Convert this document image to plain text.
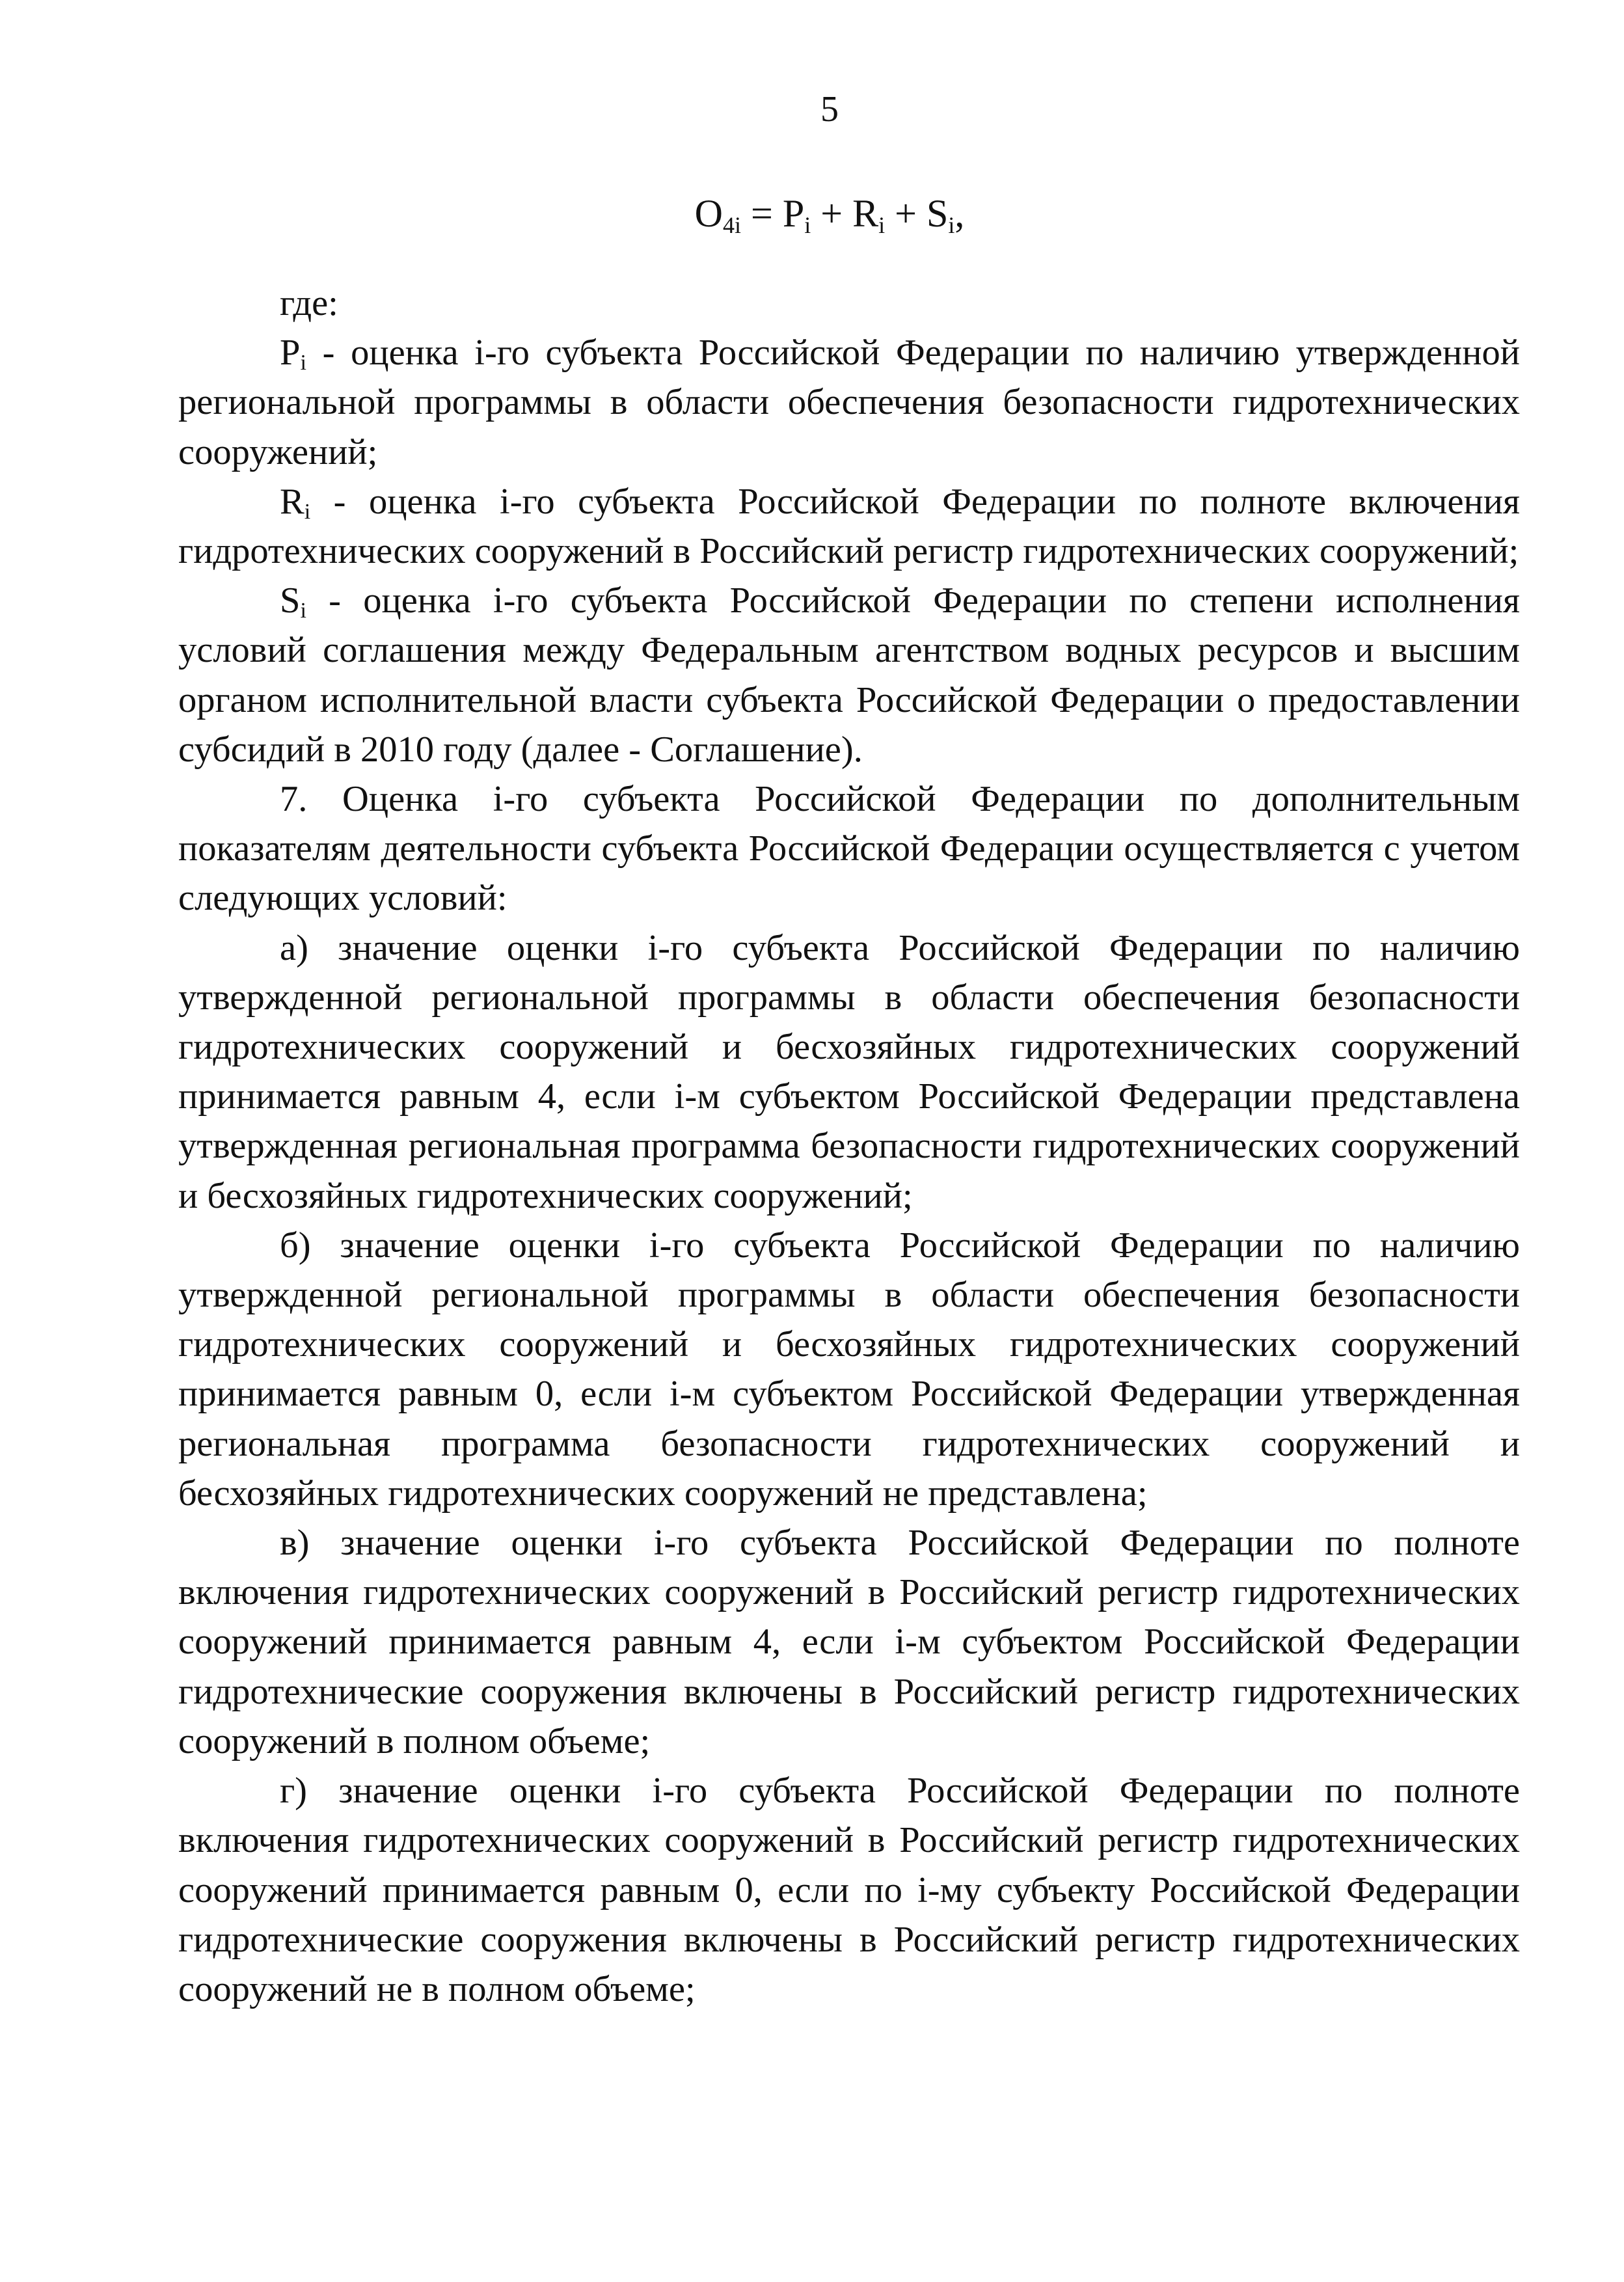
5
$O_{4i} = P_i + R_i + S_i$,

где:

$P_i$ - оценка i-го субъекта Российской Федерации по наличию утвержденной региональной программы в области обеспечения безопасности гидротехнических сооружений;

$R_i$ - оценка i-го субъекта Российской Федерации по полноте включения гидротехнических сооружений в Российский регистр гидротехнических сооружений;

$S_i$ - оценка i-го субъекта Российской Федерации по степени исполнения условий соглашения между Федеральным агентством водных ресурсов и высшим органом исполнительной власти субъекта Российской Федерации о предоставлении субсидий в 2010 году (далее - Соглашение).

7. Оценка i-го субъекта Российской Федерации по дополнительным показателям деятельности субъекта Российской Федерации осуществляется с учетом следующих условий:

а) значение оценки i-го субъекта Российской Федерации по наличию утвержденной региональной программы в области обеспечения безопасности гидротехнических сооружений и бесхозяйных гидротехнических сооружений принимается равным 4, если i-м субъектом Российской Федерации представлена утвержденная региональная программа безопасности гидротехнических сооружений и бесхозяйных гидротехнических сооружений;

б) значение оценки i-го субъекта Российской Федерации по наличию утвержденной региональной программы в области обеспечения безопасности гидротехнических сооружений и бесхозяйных гидротехнических сооружений принимается равным 0, если i-м субъектом Российской Федерации утвержденная региональная программа безопасности гидротехнических сооружений и бесхозяйных гидротехнических сооружений не представлена;

в) значение оценки i-го субъекта Российской Федерации по полноте включения гидротехнических сооружений в Российский регистр гидротехнических сооружений принимается равным 4, если i-м субъектом Российской Федерации гидротехнические сооружения включены в Российский регистр гидротехнических сооружений в полном объеме;

г) значение оценки i-го субъекта Российской Федерации по полноте включения гидротехнических сооружений в Российский регистр гидротехнических сооружений принимается равным 0, если по i-му субъекту Российской Федерации гидротехнические сооружения включены в Российский регистр гидротехнических сооружений не в полном объеме;
